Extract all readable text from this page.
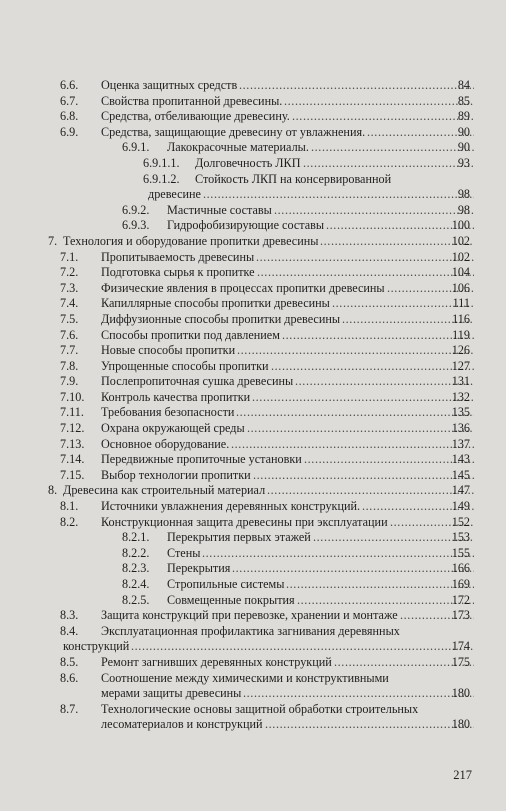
6.6. Оценка защитных средств .....	84
6.7. Свойства пропитанной древесины. .....	85
6.8. Средства, отбеливающие древесину. .....	89
6.9. Средства, защищающие древесину от увлажнения. .....	90
6.9.1. Лакокрасочные материалы. .....	90
6.9.1.1. Долговечность ЛКП .....	93
6.9.1.2. Стойкость ЛКП на консервированной
древесине .....	98
6.9.2. Мастичные составы .....	98
6.9.3. Гидрофобизирующие составы .....	100
7. Технология и оборудование пропитки древесины .....	102
7.1. Пропитываемость древесины .....	102
7.2. Подготовка сырья к пропитке .....	104
7.3. Физические явления в процессах пропитки древесины .....	106
7.4. Капиллярные способы пропитки древесины .....	111
7.5. Диффузионные способы пропитки древесины .....	116
7.6. Способы пропитки под давлением .....	119
7.7. Новые способы пропитки .....	126
7.8. Упрощенные способы пропитки .....	127
7.9. Послепропиточная сушка древесины .....	131
7.10. Контроль качества пропитки .....	132
7.11. Требования безопасности .....	135
7.12. Охрана окружающей среды .....	136
7.13. Основное оборудование. .....	137
7.14. Передвижные пропиточные установки .....	143
7.15. Выбор технологии пропитки .....	145
8. Древесина как строительный материал .....	147
8.1. Источники увлажнения деревянных конструкций. .....	149
8.2. Конструкционная защита древесины при эксплуатации .....	152
8.2.1. Перекрытия первых этажей .....	153
8.2.2. Стены .....	155
8.2.3. Перекрытия .....	166
8.2.4. Стропильные системы .....	169
8.2.5. Совмещенные покрытия .....	172
8.3. Защита конструкций при перевозке, хранении и монтаже .....	173
8.4. Эксплуатационная профилактика загнивания деревянных
конструкций .....	174
8.5. Ремонт загнивших деревянных конструкций .....	175
8.6. Соотношение между химическими и конструктивными
мерами защиты древесины .....	180
8.7. Технологические основы защитной обработки строительных
лесоматериалов и конструкций .....	180
217
